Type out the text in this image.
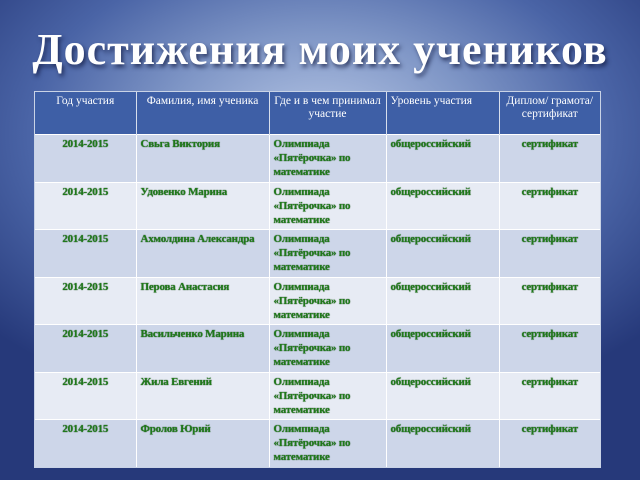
Достижения моих учеников
Год участия	Фамилия, имя ученика	Где и в чем принимал участие	Уровень участия	Диплом/ грамота/ сертификат
2014-2015	Свьга Виктория	Олимпиада «Пятёрочка» по математике	общероссийский	сертификат
2014-2015	Удовенко Марина	Олимпиада «Пятёрочка» по математике	общероссийский	сертификат
2014-2015	Ахмолдина Александра	Олимпиада «Пятёрочка» по математике	общероссийский	сертификат
2014-2015	Перова Анастасия	Олимпиада «Пятёрочка» по математике	общероссийский	сертификат
2014-2015	Васильченко Марина	Олимпиада «Пятёрочка» по математике	общероссийский	сертификат
2014-2015	Жила Евгений	Олимпиада «Пятёрочка» по математике	общероссийский	сертификат
2014-2015	Фролов Юрий	Олимпиада «Пятёрочка» по математике	общероссийский	сертификат
